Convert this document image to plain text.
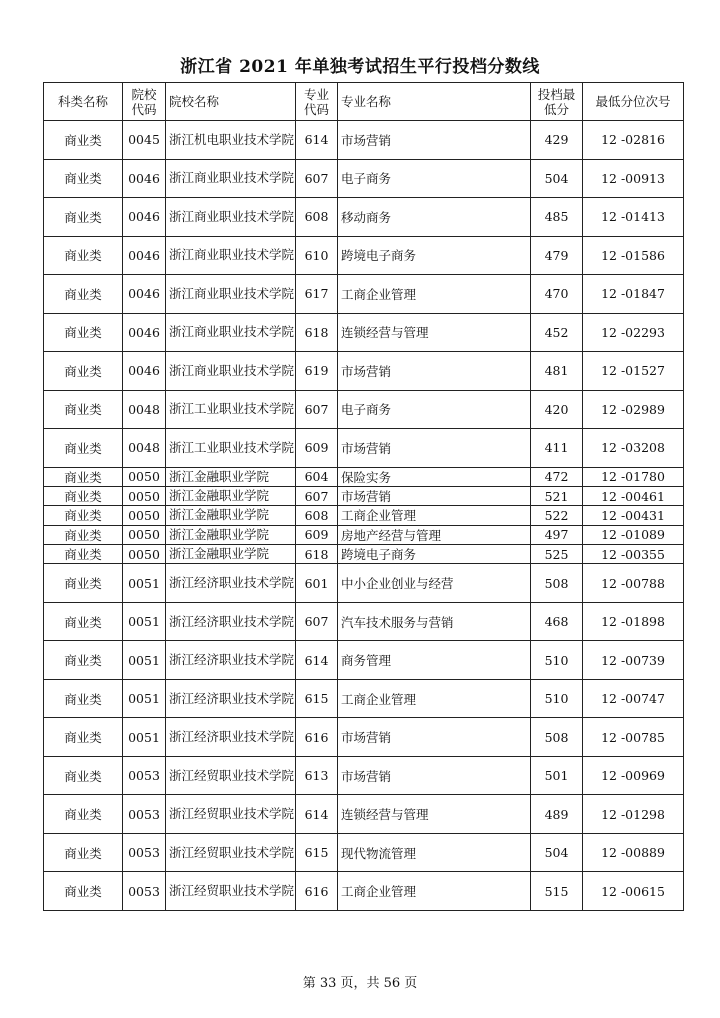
浙江省 2021 年单独考试招生平行投档分数线
科类名称	院校代码	院校名称	专业代码	专业名称	投档最低分	最低分位次号
商业类	0045	浙江机电职业技术学院	614	市场营销	429	12 -02816
商业类	0046	浙江商业职业技术学院	607	电子商务	504	12 -00913
商业类	0046	浙江商业职业技术学院	608	移动商务	485	12 -01413
商业类	0046	浙江商业职业技术学院	610	跨境电子商务	479	12 -01586
商业类	0046	浙江商业职业技术学院	617	工商企业管理	470	12 -01847
商业类	0046	浙江商业职业技术学院	618	连锁经营与管理	452	12 -02293
商业类	0046	浙江商业职业技术学院	619	市场营销	481	12 -01527
商业类	0048	浙江工业职业技术学院	607	电子商务	420	12 -02989
商业类	0048	浙江工业职业技术学院	609	市场营销	411	12 -03208
商业类	0050	浙江金融职业学院	604	保险实务	472	12 -01780
商业类	0050	浙江金融职业学院	607	市场营销	521	12 -00461
商业类	0050	浙江金融职业学院	608	工商企业管理	522	12 -00431
商业类	0050	浙江金融职业学院	609	房地产经营与管理	497	12 -01089
商业类	0050	浙江金融职业学院	618	跨境电子商务	525	12 -00355
商业类	0051	浙江经济职业技术学院	601	中小企业创业与经营	508	12 -00788
商业类	0051	浙江经济职业技术学院	607	汽车技术服务与营销	468	12 -01898
商业类	0051	浙江经济职业技术学院	614	商务管理	510	12 -00739
商业类	0051	浙江经济职业技术学院	615	工商企业管理	510	12 -00747
商业类	0051	浙江经济职业技术学院	616	市场营销	508	12 -00785
商业类	0053	浙江经贸职业技术学院	613	市场营销	501	12 -00969
商业类	0053	浙江经贸职业技术学院	614	连锁经营与管理	489	12 -01298
商业类	0053	浙江经贸职业技术学院	615	现代物流管理	504	12 -00889
商业类	0053	浙江经贸职业技术学院	616	工商企业管理	515	12 -00615
第 33 页，共 56 页
